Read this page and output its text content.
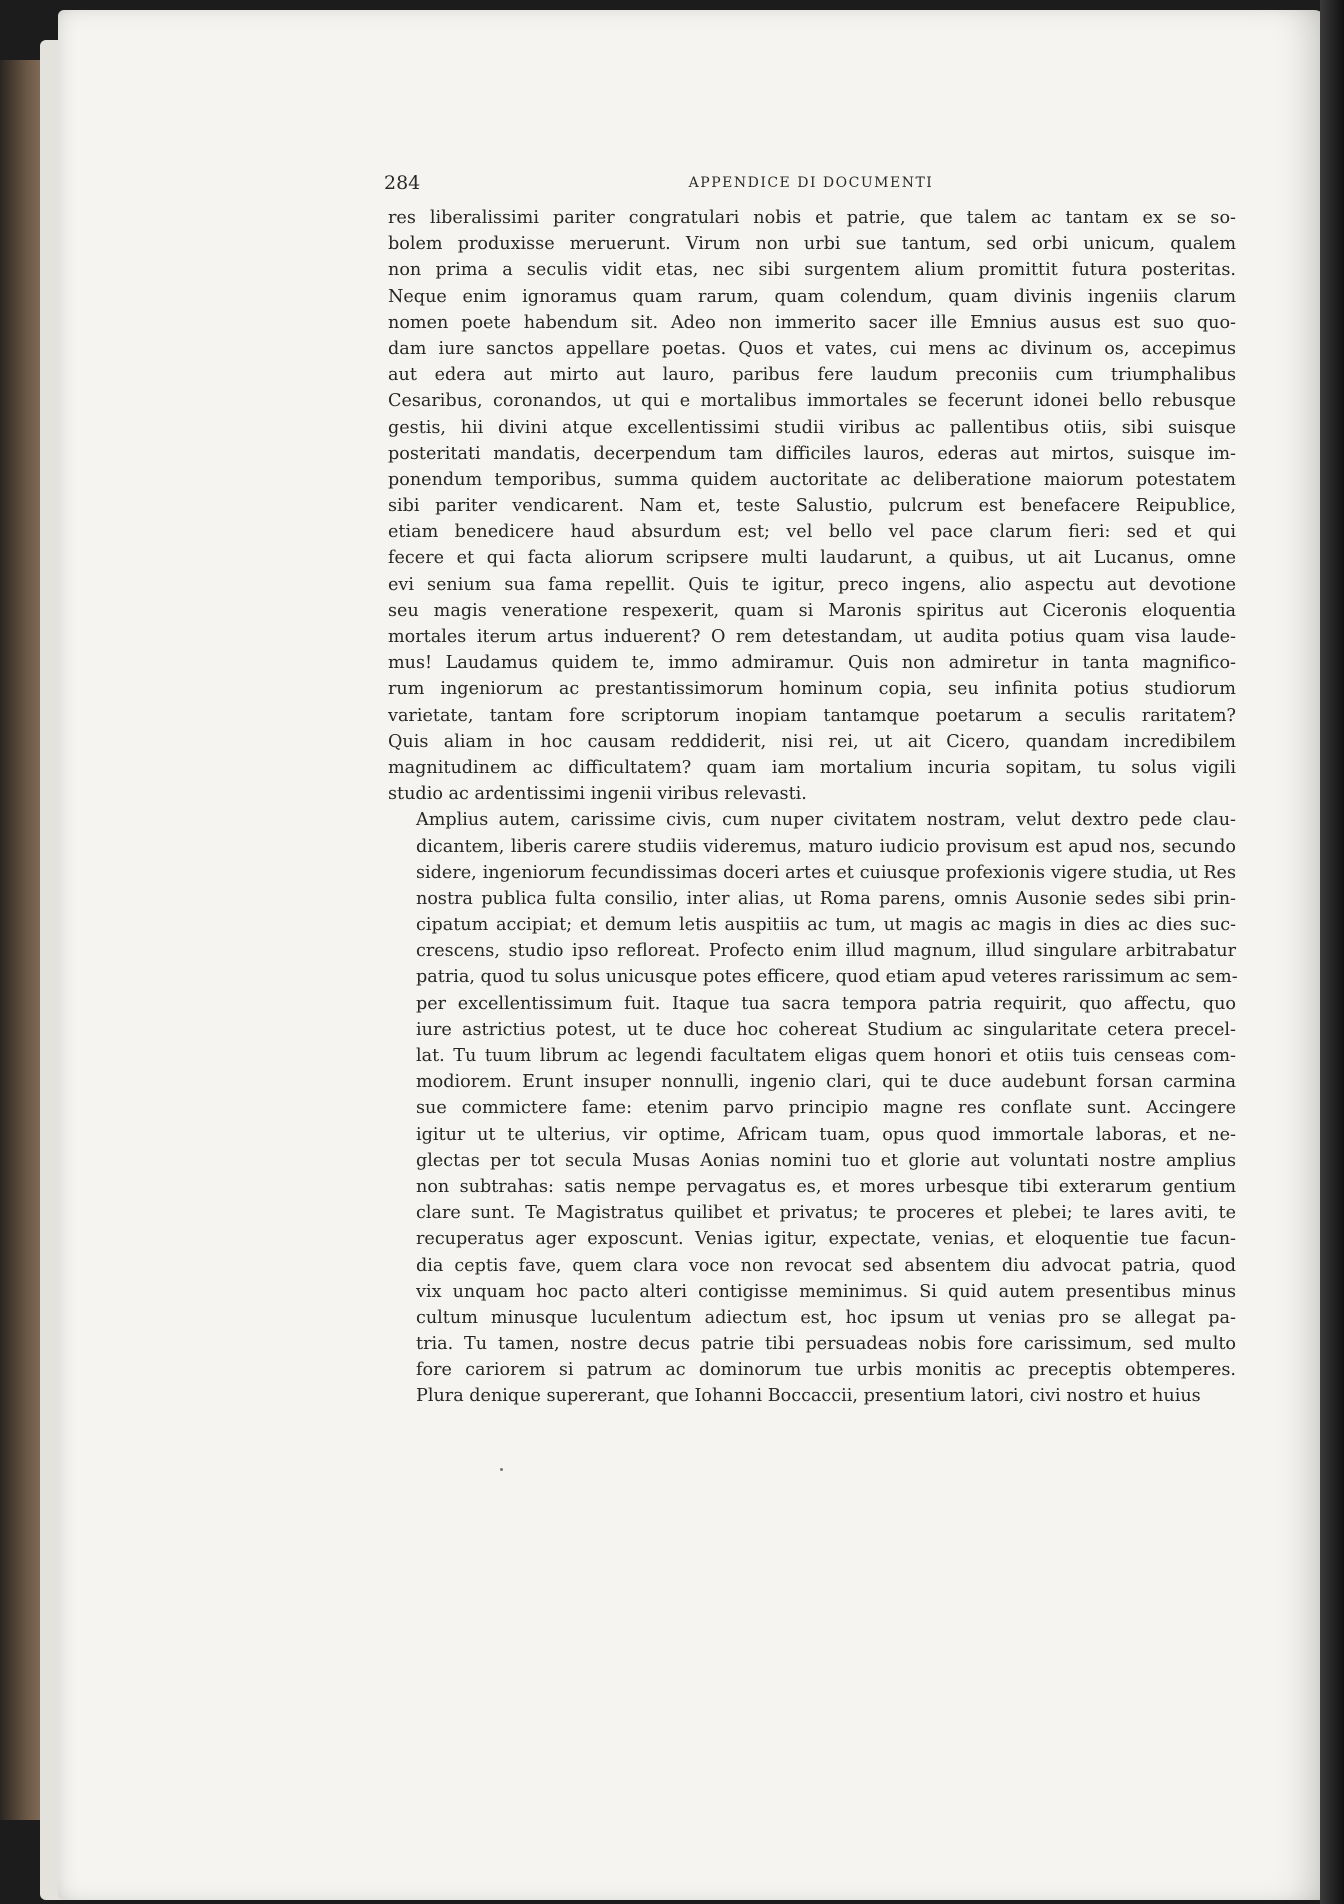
284	APPENDICE DI DOCUMENTI
res liberalissimi pariter congratulari nobis et patrie, que talem ac tantam ex se so-
bolem produxisse meruerunt. Virum non urbi sue tantum, sed orbi unicum, qualem
non prima a seculis vidit etas, nec sibi surgentem alium promittit futura posteritas.
Neque enim ignoramus quam rarum, quam colendum, quam divinis ingeniis clarum
nomen poete habendum sit. Adeo non immerito sacer ille Emnius ausus est suo quo-
dam iure sanctos appellare poetas. Quos et vates, cui mens ac divinum os, accepimus
aut edera aut mirto aut lauro, paribus fere laudum preconiis cum triumphalibus
Cesaribus, coronandos, ut qui e mortalibus immortales se fecerunt idonei bello rebusque
gestis, hii divini atque excellentissimi studii viribus ac pallentibus otiis, sibi suisque
posteritati mandatis, decerpendum tam difficiles lauros, ederas aut mirtos, suisque im-
ponendum temporibus, summa quidem auctoritate ac deliberatione maiorum potestatem
sibi pariter vendicarent. Nam et, teste Salustio, pulcrum est benefacere Reipublice,
etiam benedicere haud absurdum est; vel bello vel pace clarum fieri: sed et qui
fecere et qui facta aliorum scripsere multi laudarunt, a quibus, ut ait Lucanus, omne
evi senium sua fama repellit. Quis te igitur, preco ingens, alio aspectu aut devotione
seu magis veneratione respexerit, quam si Maronis spiritus aut Ciceronis eloquentia
mortales iterum artus induerent? O rem detestandam, ut audita potius quam visa laude-
mus! Laudamus quidem te, immo admiramur. Quis non admiretur in tanta magnifico-
rum ingeniorum ac prestantissimorum hominum copia, seu infinita potius studiorum
varietate, tantam fore scriptorum inopiam tantamque poetarum a seculis raritatem?
Quis aliam in hoc causam reddiderit, nisi rei, ut ait Cicero, quandam incredibilem
magnitudinem ac difficultatem? quam iam mortalium incuria sopitam, tu solus vigili
studio ac ardentissimi ingenii viribus relevasti.
Amplius autem, carissime civis, cum nuper civitatem nostram, velut dextro pede clau-
dicantem, liberis carere studiis videremus, maturo iudicio provisum est apud nos, secundo
sidere, ingeniorum fecundissimas doceri artes et cuiusque profexionis vigere studia, ut Res
nostra publica fulta consilio, inter alias, ut Roma parens, omnis Ausonie sedes sibi prin-
cipatum accipiat; et demum letis auspitiis ac tum, ut magis ac magis in dies ac dies suc-
crescens, studio ipso refloreat. Profecto enim illud magnum, illud singulare arbitrabatur
patria, quod tu solus unicusque potes efficere, quod etiam apud veteres rarissimum ac sem-
per excellentissimum fuit. Itaque tua sacra tempora patria requirit, quo affectu, quo
iure astrictius potest, ut te duce hoc cohereat Studium ac singularitate cetera precel-
lat. Tu tuum librum ac legendi facultatem eligas quem honori et otiis tuis censeas com-
modiorem. Erunt insuper nonnulli, ingenio clari, qui te duce audebunt forsan carmina
sue commictere fame: etenim parvo principio magne res conflate sunt. Accingere
igitur ut te ulterius, vir optime, Africam tuam, opus quod immortale laboras, et ne-
glectas per tot secula Musas Aonias nomini tuo et glorie aut voluntati nostre amplius
non subtrahas: satis nempe pervagatus es, et mores urbesque tibi exterarum gentium
clare sunt. Te Magistratus quilibet et privatus; te proceres et plebei; te lares aviti, te
recuperatus ager exposcunt. Venias igitur, expectate, venias, et eloquentie tue facun-
dia ceptis fave, quem clara voce non revocat sed absentem diu advocat patria, quod
vix unquam hoc pacto alteri contigisse meminimus. Si quid autem presentibus minus
cultum minusque luculentum adiectum est, hoc ipsum ut venias pro se allegat pa-
tria. Tu tamen, nostre decus patrie tibi persuadeas nobis fore carissimum, sed multo
fore cariorem si patrum ac dominorum tue urbis monitis ac preceptis obtemperes.
Plura denique supererant, que Iohanni Boccaccii, presentium latori, civi nostro et huius
